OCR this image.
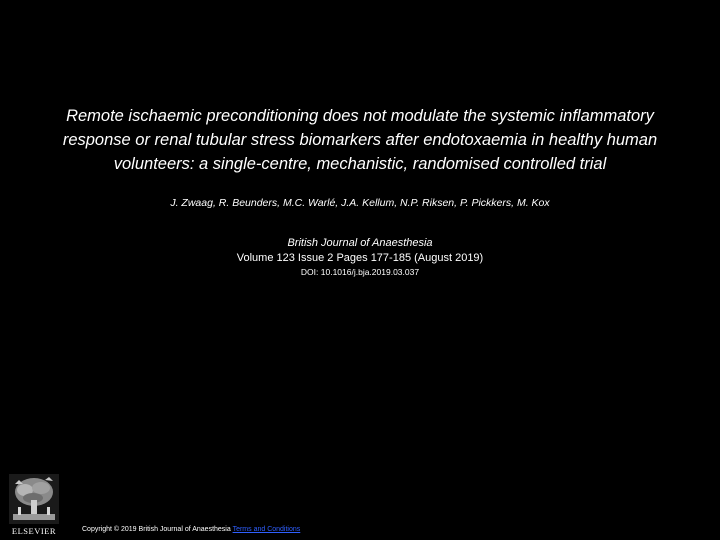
Remote ischaemic preconditioning does not modulate the systemic inflammatory response or renal tubular stress biomarkers after endotoxaemia in healthy human volunteers: a single-centre, mechanistic, randomised controlled trial
J. Zwaag, R. Beunders, M.C. Warlé, J.A. Kellum, N.P. Riksen, P. Pickkers, M. Kox
British Journal of Anaesthesia
Volume 123 Issue 2 Pages 177-185 (August 2019)
DOI: 10.1016/j.bja.2019.03.037
ELSEVIER	Copyright © 2019 British Journal of Anaesthesia Terms and Conditions
